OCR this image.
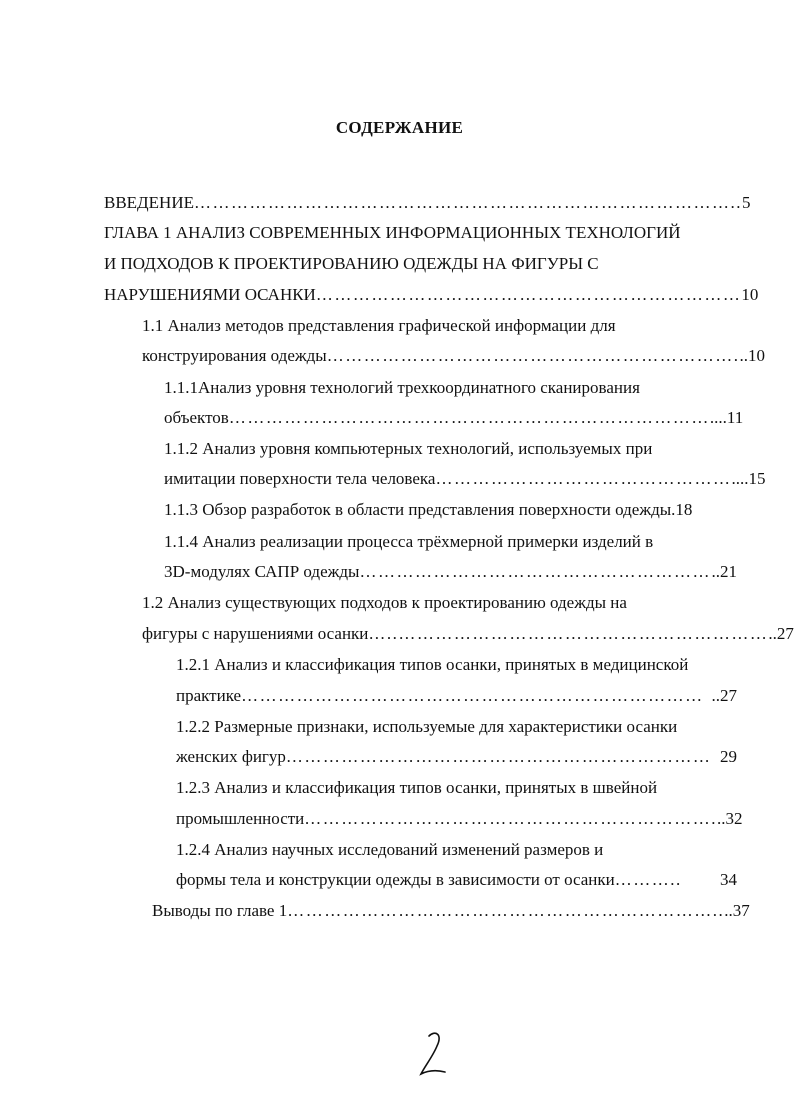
СОДЕРЖАНИЕ
ВВЕДЕНИЕ …………………………………………………………………………….. 5
ГЛАВА 1 АНАЛИЗ СОВРЕМЕННЫХ ИНФОРМАЦИОННЫХ ТЕХНОЛОГИЙ
И ПОДХОДОВ К ПРОЕКТИРОВАНИЮ ОДЕЖДЫ НА ФИГУРЫ С
НАРУШЕНИЯМИ ОСАНКИ …………………………………………………………… 10
1.1 Анализ методов представления графической информации для
конструирования одежды …………………………………………………………. ..10
1.1.1Анализ уровня технологий трехкоординатного сканирования
объектов …………………………………………………………………… ....11
1.1.2 Анализ уровня компьютерных технологий, используемых при
имитации поверхности тела человека ………………………………………… ....15
1.1.3 Обзор разработок в области представления поверхности одежды.18
1.1.4 Анализ реализации процесса трёхмерной примерки изделий в
3D-модулях САПР одежды ………………………………………………… ..21
1.2 Анализ существующих подходов к проектированию одежды на
фигуры с нарушениями осанки …..…………………………………………………… ..27
1.2.1 Анализ и классификация типов осанки, принятых в медицинской
практике ………………………………………………………………… ..27
1.2.2 Размерные признаки, используемые для характеристики осанки
женских фигур …………………………………………………………… 29
1.2.3 Анализ и классификация типов осанки, принятых в швейной
промышленности …………………………………………………………. ..32
1.2.4 Анализ научных исследований изменений размеров и
формы тела и конструкции одежды в зависимости от осанки ………..	34
Выводы по главе 1 …………………………………………………………….. ..37
